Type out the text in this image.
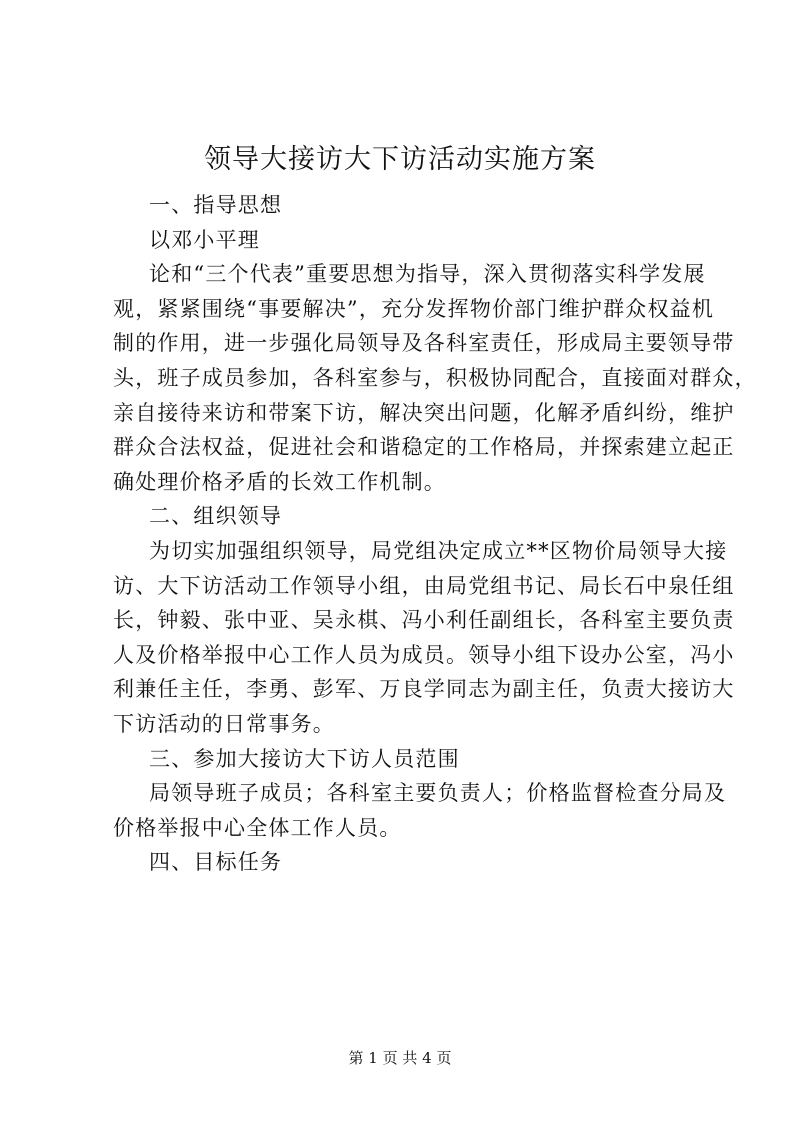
领导大接访大下访活动实施方案

一、指导思想

以邓小平理

论和“三个代表”重要思想为指导，深入贯彻落实科学发展
观，紧紧围绕“事要解决”，充分发挥物价部门维护群众权益机
制的作用，进一步强化局领导及各科室责任，形成局主要领导带
头，班子成员参加，各科室参与，积极协同配合，直接面对群众，
亲自接待来访和带案下访，解决突出问题，化解矛盾纠纷，维护
群众合法权益，促进社会和谐稳定的工作格局，并探索建立起正
确处理价格矛盾的长效工作机制。

二、组织领导

为切实加强组织领导，局党组决定成立**区物价局领导大接
访、大下访活动工作领导小组，由局党组书记、局长石中泉任组
长，钟毅、张中亚、吴永棋、冯小利任副组长，各科室主要负责
人及价格举报中心工作人员为成员。领导小组下设办公室，冯小
利兼任主任，李勇、彭军、万良学同志为副主任，负责大接访大
下访活动的日常事务。

三、参加大接访大下访人员范围

局领导班子成员；各科室主要负责人；价格监督检查分局及
价格举报中心全体工作人员。

四、目标任务

第 1 页 共 4 页
